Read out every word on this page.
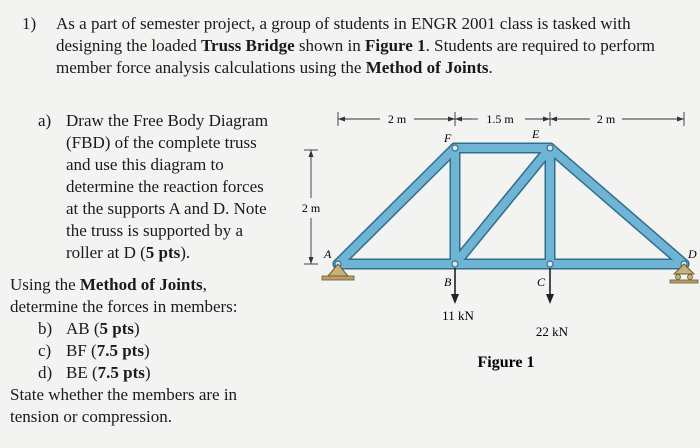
1) As a part of semester project, a group of students in ENGR 2001 class is tasked with
designing the loaded Truss Bridge shown in Figure 1. Students are required to perform
member force analysis calculations using the Method of Joints.
a) Draw the Free Body Diagram
(FBD) of the complete truss
and use this diagram to
determine the reaction forces
at the supports A and D. Note
the truss is supported by a
roller at D (5 pts).
Using the Method of Joints,
determine the forces in members:
b) AB (5 pts)
c) BF (7.5 pts)
d) BE (7.5 pts)
State whether the members are in
tension or compression.
2 m	1.5 m	2 m
2 m
A
B	C
D
E
F
11 kN
22 kN
Figure 1
